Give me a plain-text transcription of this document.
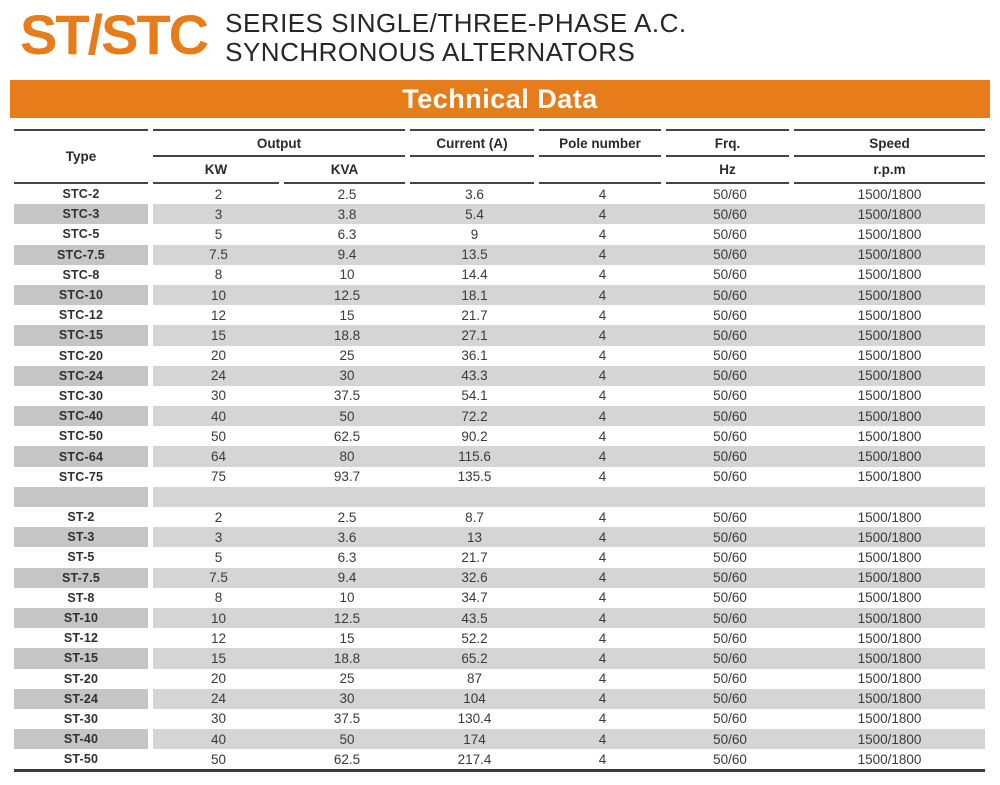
ST/STC SERIES SINGLE/THREE-PHASE A.C.
SYNCHRONOUS ALTERNATORS
Technical Data
Type
Output
KW	KVA
Current (A)	Pole number	Frq.
Hz
Speed
r.p.m
STC-2	2	2.5	3.6	4	50/60	1500/1800
STC-3	3	3.8	5.4	4	50/60	1500/1800
STC-5	5	6.3	9	4	50/60	1500/1800
STC-7.5	7.5	9.4	13.5	4	50/60	1500/1800
STC-8	8	10	14.4	4	50/60	1500/1800
STC-10	10	12.5	18.1	4	50/60	1500/1800
STC-12	12	15	21.7	4	50/60	1500/1800
STC-15	15	18.8	27.1	4	50/60	1500/1800
STC-20	20	25	36.1	4	50/60	1500/1800
STC-24	24	30	43.3	4	50/60	1500/1800
STC-30	30	37.5	54.1	4	50/60	1500/1800
STC-40	40	50	72.2	4	50/60	1500/1800
STC-50	50	62.5	90.2	4	50/60	1500/1800
STC-64	64	80	115.6	4	50/60	1500/1800
STC-75	75	93.7	135.5	4	50/60	1500/1800
ST-2	2	2.5	8.7	4	50/60	1500/1800
ST-3	3	3.6	13	4	50/60	1500/1800
ST-5	5	6.3	21.7	4	50/60	1500/1800
ST-7.5	7.5	9.4	32.6	4	50/60	1500/1800
ST-8	8	10	34.7	4	50/60	1500/1800
ST-10	10	12.5	43.5	4	50/60	1500/1800
ST-12	12	15	52.2	4	50/60	1500/1800
ST-15	15	18.8	65.2	4	50/60	1500/1800
ST-20	20	25	87	4	50/60	1500/1800
ST-24	24	30	104	4	50/60	1500/1800
ST-30	30	37.5	130.4	4	50/60	1500/1800
ST-40	40	50	174	4	50/60	1500/1800
ST-50	50	62.5	217.4	4	50/60	1500/1800
